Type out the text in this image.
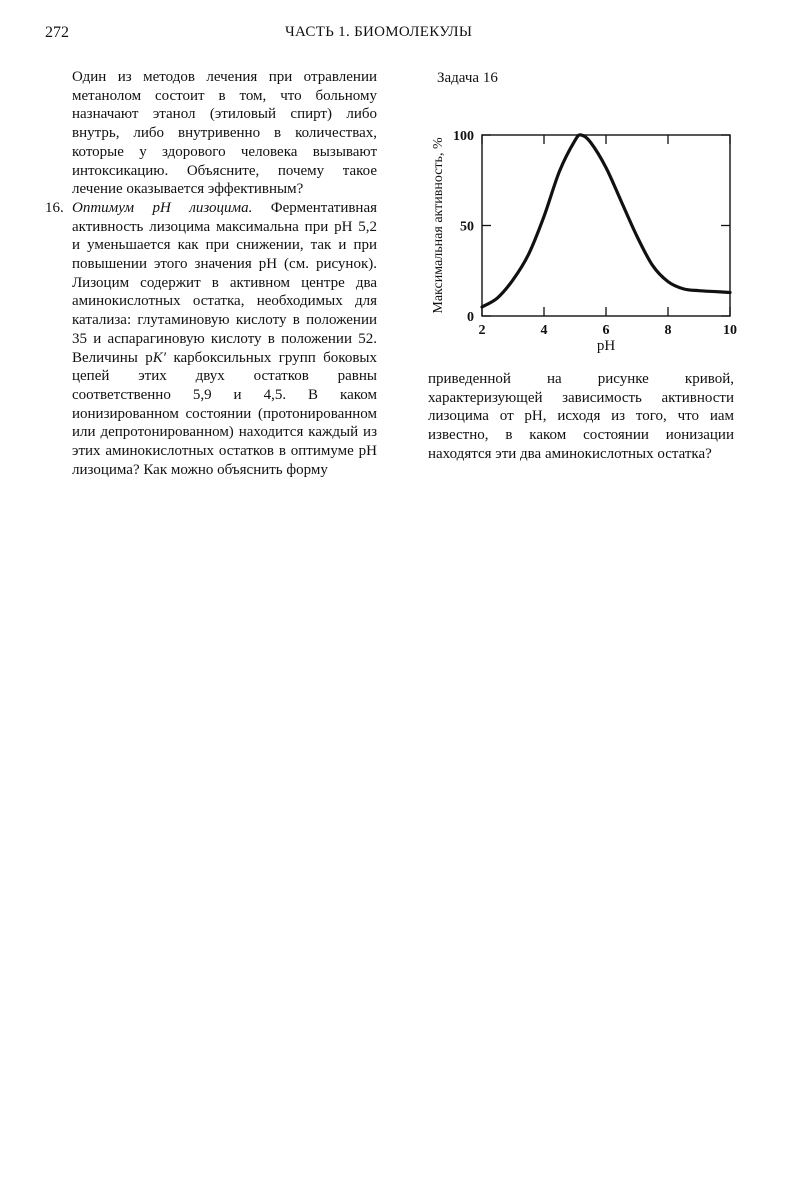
272	ЧАСТЬ 1. БИОМОЛЕКУЛЫ

Один из методов лечения при отравлении метанолом состоит в том, что больному назначают этанол (этиловый спирт) либо внутрь, либо внутривенно в количествах, которые у здорового человека вызывают интоксикацию. Объясните, почему такое лечение оказывается эффективным?

16. Оптимум pH лизоцима. Ферментативная активность лизоцима максимальна при pH 5,2 и уменьшается как при снижении, так и при повышении этого значения pH (см. рисунок). Лизоцим содержит в активном центре два аминокислотных остатка, необходимых для катализа: глутаминовую кислоту в положении 35 и аспарагиновую кислоту в положении 52. Величины pK′ карбоксильных групп боковых цепей этих двух остатков равны соответственно 5,9 и 4,5. В каком ионизированном состоянии (протонированном или депротонированном) находится каждый из этих аминокислотных остатков в оптимуме pH лизоцима? Как можно объяснить форму

Задача 16
2	4	6	8	10
0
50
100
pH
Максимальная активность, %

приведенной на рисунке кривой, характеризующей зависимость активности лизоцима от pH, исходя из того, что иам известно, в каком состоянии ионизации находятся эти два аминокислотных остатка?
